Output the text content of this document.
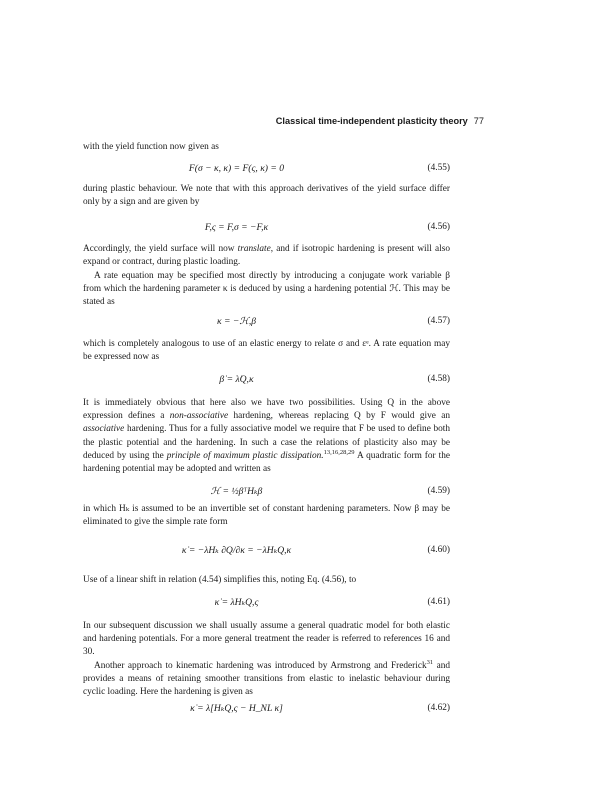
Classical time-independent plasticity theory 77

with the yield function now given as

F(σ − κ, κ) = F(ς, κ) = 0	(4.55)

during plastic behaviour. We note that with this approach derivatives of the yield surface differ only by a sign and are given by

F,ς = F,σ = −F,κ	(4.56)

Accordingly, the yield surface will now translate, and if isotropic hardening is present will also expand or contract, during plastic loading.

A rate equation may be specified most directly by introducing a conjugate work variable β from which the hardening parameter κ is deduced by using a hardening potential ℋ. This may be stated as

κ = −ℋ,β	(4.57)

which is completely analogous to use of an elastic energy to relate σ and εᵉ. A rate equation may be expressed now as

β̇ = λ̇Q,κ	(4.58)

It is immediately obvious that here also we have two possibilities. Using Q in the above expression defines a non-associative hardening, whereas replacing Q by F would give an associative hardening. Thus for a fully associative model we require that F be used to define both the plastic potential and the hardening. In such a case the relations of plasticity also may be deduced by using the principle of maximum plastic dissipation.$^{13,16,28,29}$ A quadratic form for the hardening potential may be adopted and written as

ℋ = ½βᵀHₖβ	(4.59)

in which Hₖ is assumed to be an invertible set of constant hardening parameters. Now β may be eliminated to give the simple rate form

κ̇ = −λ̇Hₖ ∂Q/∂κ = −λ̇HₖQ,κ	(4.60)

Use of a linear shift in relation (4.54) simplifies this, noting Eq. (4.56), to

κ̇ = λ̇HₖQ,ς	(4.61)

In our subsequent discussion we shall usually assume a general quadratic model for both elastic and hardening potentials. For a more general treatment the reader is referred to references 16 and 30.

Another approach to kinematic hardening was introduced by Armstrong and Frederick$^{31}$ and provides a means of retaining smoother transitions from elastic to inelastic behaviour during cyclic loading. Here the hardening is given as

κ̇ = λ̇[HₖQ,ς − H_NL κ]	(4.62)
